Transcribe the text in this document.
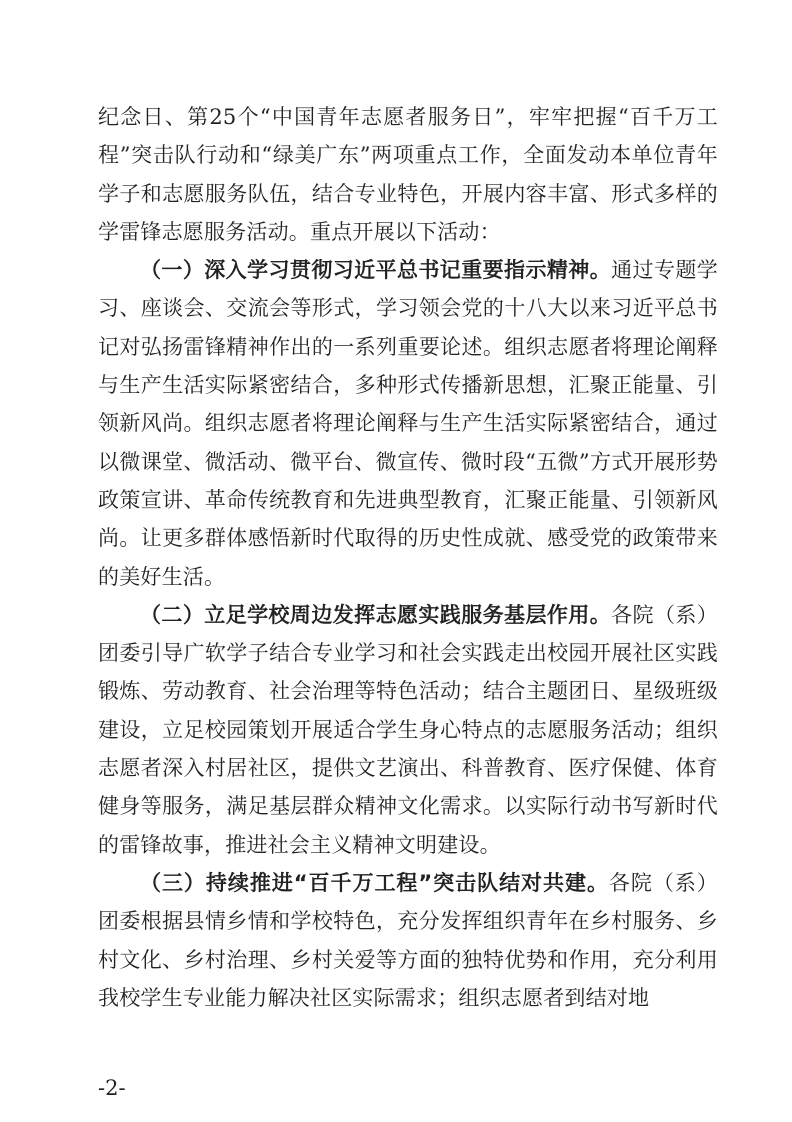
纪念日、第25个“中国青年志愿者服务日”，牢牢把握“百千万工程”突击队行动和“绿美广东”两项重点工作，全面发动本单位青年学子和志愿服务队伍，结合专业特色，开展内容丰富、形式多样的学雷锋志愿服务活动。重点开展以下活动：

（一）深入学习贯彻习近平总书记重要指示精神。通过专题学习、座谈会、交流会等形式，学习领会党的十八大以来习近平总书记对弘扬雷锋精神作出的一系列重要论述。组织志愿者将理论阐释与生产生活实际紧密结合，多种形式传播新思想，汇聚正能量、引领新风尚。组织志愿者将理论阐释与生产生活实际紧密结合，通过以微课堂、微活动、微平台、微宣传、微时段“五微”方式开展形势政策宣讲、革命传统教育和先进典型教育，汇聚正能量、引领新风尚。让更多群体感悟新时代取得的历史性成就、感受党的政策带来的美好生活。

（二）立足学校周边发挥志愿实践服务基层作用。各院（系）团委引导广软学子结合专业学习和社会实践走出校园开展社区实践锻炼、劳动教育、社会治理等特色活动；结合主题团日、星级班级建设，立足校园策划开展适合学生身心特点的志愿服务活动；组织志愿者深入村居社区，提供文艺演出、科普教育、医疗保健、体育健身等服务，满足基层群众精神文化需求。以实际行动书写新时代的雷锋故事，推进社会主义精神文明建设。

（三）持续推进“百千万工程”突击队结对共建。各院（系）团委根据县情乡情和学校特色，充分发挥组织青年在乡村服务、乡村文化、乡村治理、乡村关爱等方面的独特优势和作用，充分利用我校学生专业能力解决社区实际需求；组织志愿者到结对地

-2-
